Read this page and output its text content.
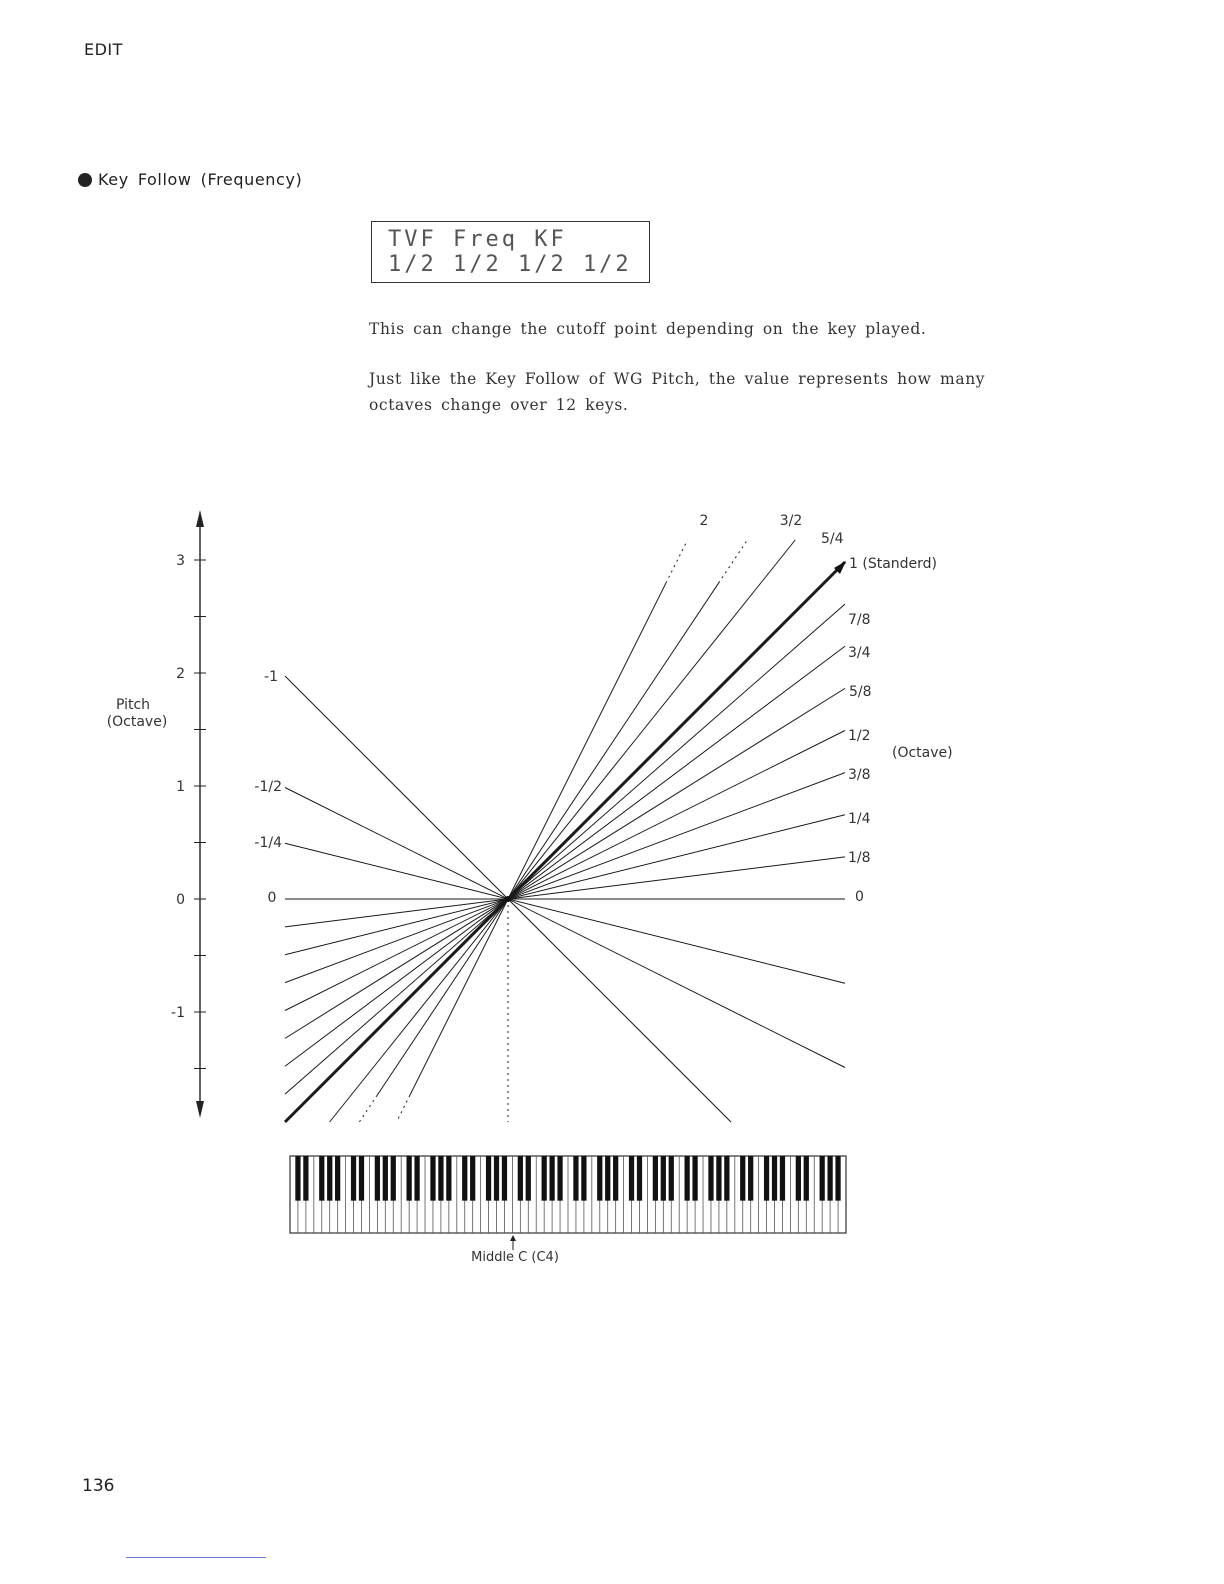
EDIT
Key Follow (Frequency)
TVF Freq KF
1/2 1/2 1/2 1/2
This can change the cutoff point depending on the key played.
Just like the Key Follow of WG Pitch, the value represents how many octaves change over 12 keys.
3
2
1
0
-1
2	3/2
5/4
1 (Standerd)
7/8
3/4
5/8
1/2
3/8
1/4
1/8
0
-1/4
-1/2
-1
0
Pitch
(Octave)
(Octave)
Middle C (C4)
136
